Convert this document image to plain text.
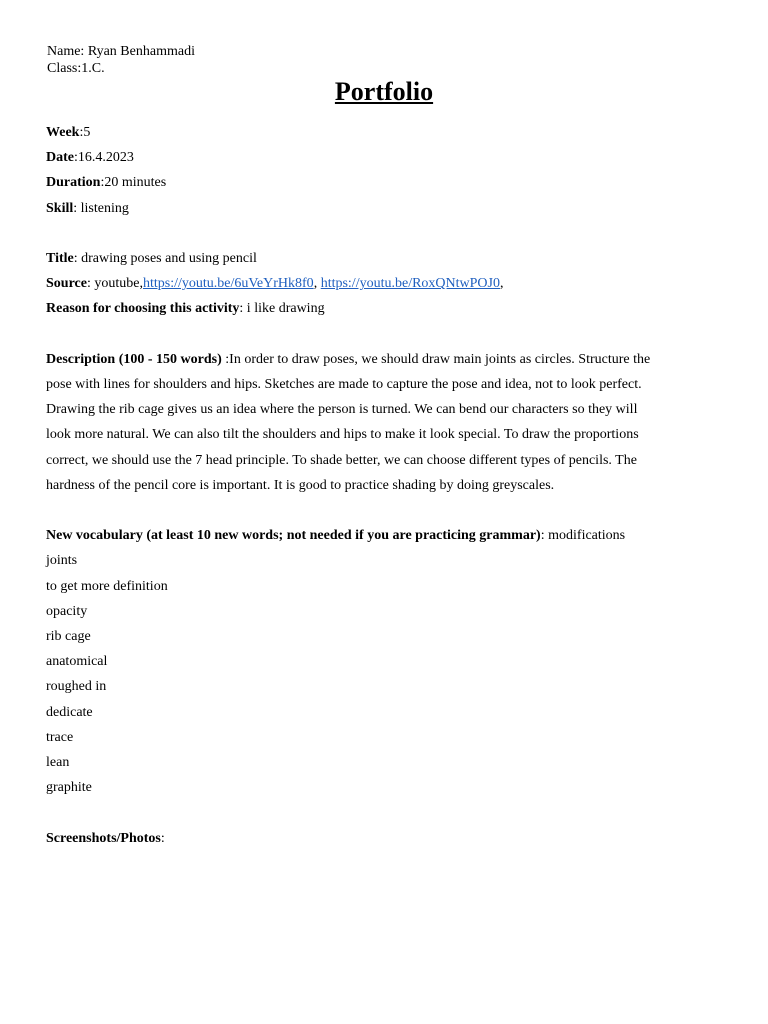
Name: Ryan Benhammadi
Class:1.C.
Portfolio

Week:5

Date:16.4.2023

Duration:20 minutes

Skill: listening

Title: drawing poses and using pencil

Source: youtube,https://youtu.be/6uVeYrHk8f0, https://youtu.be/RoxQNtwPOJ0,

Reason for choosing this activity: i like drawing

Description (100 - 150 words) :In order to draw poses, we should draw main joints as circles. Structure the

pose with lines for shoulders and hips. Sketches are made to capture the pose and idea, not to look perfect.

Drawing the rib cage gives us an idea where the person is turned. We can bend our characters so they will

look more natural. We can also tilt the shoulders and hips to make it look special. To draw the proportions

correct, we should use the 7 head principle. To shade better, we can choose different types of pencils. The

hardness of the pencil core is important. It is good to practice shading by doing greyscales.

New vocabulary (at least 10 new words; not needed if you are practicing grammar): modifications

joints

to get more definition

opacity

rib cage

anatomical

roughed in

dedicate

trace

lean

graphite

Screenshots/Photos:
